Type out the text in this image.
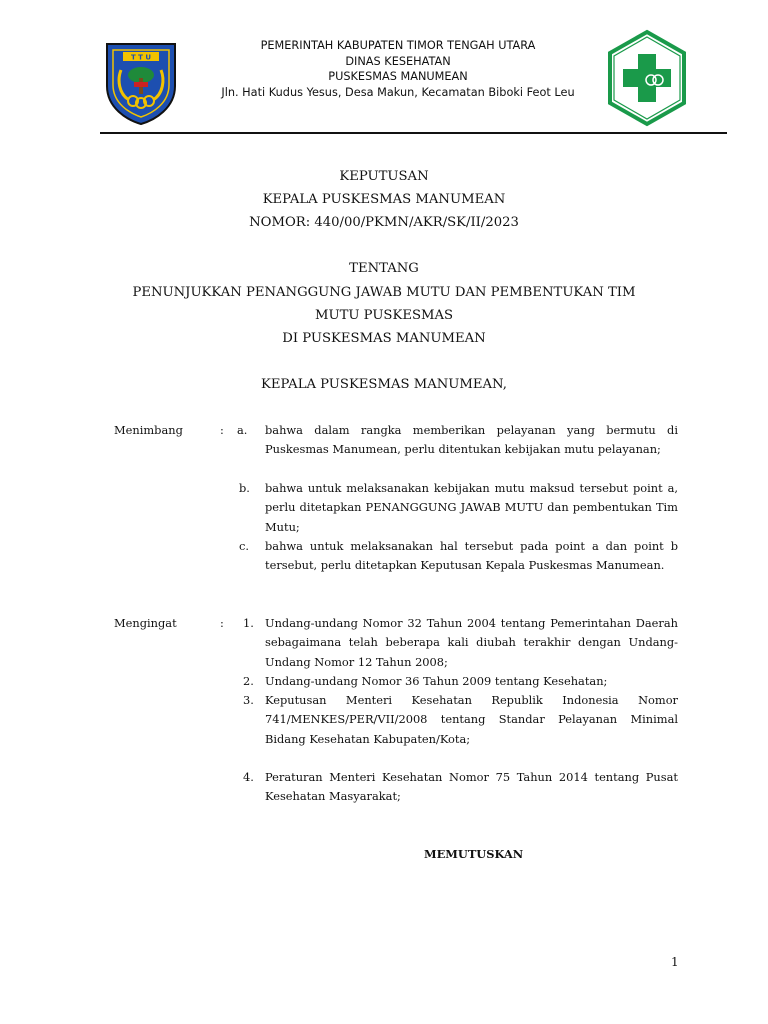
T T U
PEMERINTAH KABUPATEN TIMOR TENGAH UTARA
DINAS KESEHATAN
PUSKESMAS MANUMEAN
Jln. Hati Kudus Yesus, Desa Makun, Kecamatan Biboki Feot Leu
KEPUTUSAN
KEPALA PUSKESMAS MANUMEAN
NOMOR: 440/00/PKMN/AKR/SK/II/2023
TENTANG
PENUNJUKKAN PENANGGUNG JAWAB MUTU DAN PEMBENTUKAN TIM
MUTU PUSKESMAS
DI PUSKESMAS MANUMEAN
KEPALA PUSKESMAS MANUMEAN,
Menimbang	: a. bahwa dalam rangka memberikan pelayanan yang bermutu di Puskesmas Manumean, perlu ditentukan kebijakan mutu pelayanan;
b. bahwa untuk melaksanakan kebijakan mutu maksud tersebut point a, perlu ditetapkan PENANGGUNG JAWAB MUTU dan pembentukan Tim Mutu;
c. bahwa untuk melaksanakan hal tersebut pada point a dan point b tersebut, perlu ditetapkan Keputusan Kepala Puskesmas Manumean.
Mengingat	: 1. Undang-undang Nomor 32 Tahun 2004 tentang Pemerintahan Daerah sebagaimana telah beberapa kali diubah terakhir dengan Undang-Undang Nomor 12 Tahun 2008;
2. Undang-undang Nomor 36 Tahun 2009 tentang Kesehatan;
3. Keputusan Menteri Kesehatan Republik Indonesia Nomor 741/MENKES/PER/VII/2008 tentang Standar Pelayanan Minimal Bidang Kesehatan Kabupaten/Kota;
4. Peraturan Menteri Kesehatan Nomor 75 Tahun 2014 tentang Pusat Kesehatan Masyarakat;
MEMUTUSKAN
1
